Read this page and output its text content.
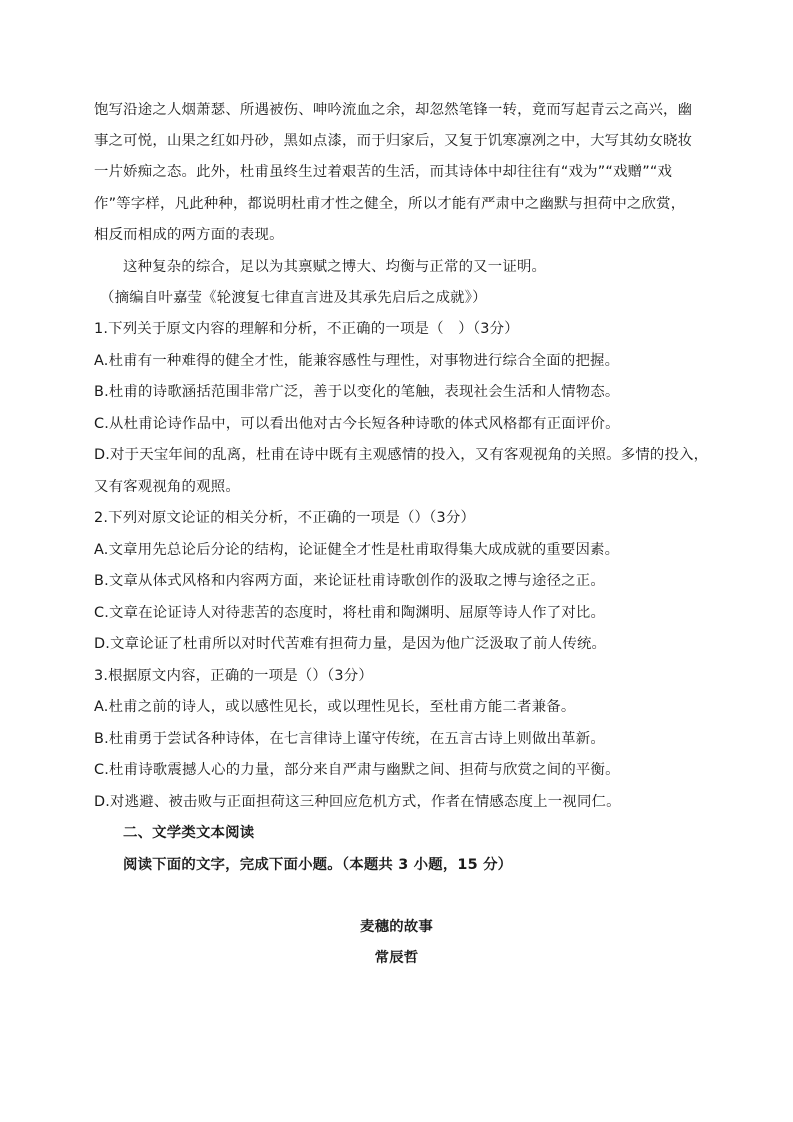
饱写沿途之人烟萧瑟、所遇被伤、呻吟流血之余，却忽然笔锋一转，竟而写起青云之高兴，幽
事之可悦，山果之红如丹砂，黑如点漆，而于归家后，又复于饥寒凛冽之中，大写其幼女晓妆
一片娇痴之态。此外，杜甫虽终生过着艰苦的生活，而其诗体中却往往有“戏为”“戏赠”“戏
作”等字样，凡此种种，都说明杜甫才性之健全，所以才能有严肃中之幽默与担荷中之欣赏，
相反而相成的两方面的表现。
这种复杂的综合，足以为其禀赋之博大、均衡与正常的又一证明。
（摘编自叶嘉莹《轮渡复七律直言进及其承先启后之成就》）
1.下列关于原文内容的理解和分析，不正确的一项是（　）（3分）
A.杜甫有一种难得的健全才性，能兼容感性与理性，对事物进行综合全面的把握。
B.杜甫的诗歌涵括范围非常广泛，善于以变化的笔触，表现社会生活和人情物态。
C.从杜甫论诗作品中，可以看出他对古今长短各种诗歌的体式风格都有正面评价。
D.对于天宝年间的乱离，杜甫在诗中既有主观感情的投入，又有客观视角的关照。多情的投入，
又有客观视角的观照。
2.下列对原文论证的相关分析，不正确的一项是（）（3分）
A.文章用先总论后分论的结构，论证健全才性是杜甫取得集大成成就的重要因素。
B.文章从体式风格和内容两方面，来论证杜甫诗歌创作的汲取之博与途径之正。
C.文章在论证诗人对待悲苦的态度时，将杜甫和陶渊明、屈原等诗人作了对比。
D.文章论证了杜甫所以对时代苦难有担荷力量，是因为他广泛汲取了前人传统。
3.根据原文内容，正确的一项是（）（3分）
A.杜甫之前的诗人，或以感性见长，或以理性见长，至杜甫方能二者兼备。
B.杜甫勇于尝试各种诗体，在七言律诗上谨守传统，在五言古诗上则做出革新。
C.杜甫诗歌震撼人心的力量，部分来自严肃与幽默之间、担荷与欣赏之间的平衡。
D.对逃避、被击败与正面担荷这三种回应危机方式，作者在情感态度上一视同仁。
二、文学类文本阅读
阅读下面的文字，完成下面小题。（本题共 3 小题，15 分）
麦穗的故事
常辰哲
